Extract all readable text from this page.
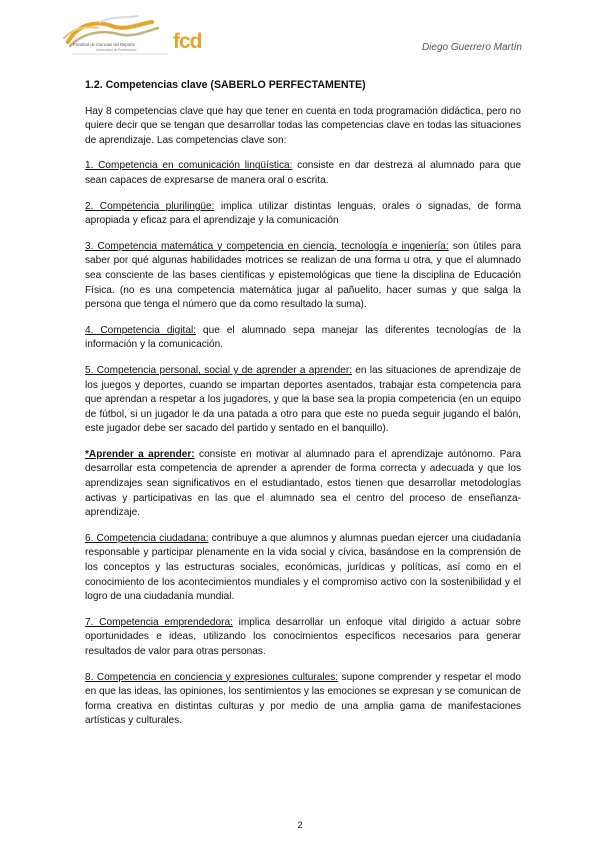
Facultad de Ciencias del Deporte
Universidad de Extremadura fcd	Diego Guerrero Martín
1.2. Competencias clave (SABERLO PERFECTAMENTE)
Hay 8 competencias clave que hay que tener en cuenta en toda programación didáctica, pero no quiere decir que se tengan que desarrollar todas las competencias clave en todas las situaciones de aprendizaje. Las competencias clave son:
1. Competencia en comunicación lingüística: consiste en dar destreza al alumnado para que sean capaces de expresarse de manera oral o escrita.
2. Competencia plurilingüe: implica utilizar distintas lenguas, orales o signadas, de forma apropiada y eficaz para el aprendizaje y la comunicación
3. Competencia matemática y competencia en ciencia, tecnología e ingeniería: son útiles para saber por qué algunas habilidades motrices se realizan de una forma u otra, y que el alumnado sea consciente de las bases científicas y epistemológicas que tiene la disciplina de Educación Física. (no es una competencia matemática jugar al pañuelito, hacer sumas y que salga la persona que tenga el número que da como resultado la suma).
4. Competencia digital: que el alumnado sepa manejar las diferentes tecnologías de la información y la comunicación.
5. Competencia personal, social y de aprender a aprender: en las situaciones de aprendizaje de los juegos y deportes, cuando se impartan deportes asentados, trabajar esta competencia para que aprendan a respetar a los jugadores, y que la base sea la propia competencia (en un equipo de fútbol, si un jugador le da una patada a otro para que este no pueda seguir jugando el balón, este jugador debe ser sacado del partido y sentado en el banquillo).
*Aprender a aprender: consiste en motivar al alumnado para el aprendizaje autónomo. Para desarrollar esta competencia de aprender a aprender de forma correcta y adecuada y que los aprendizajes sean significativos en el estudiantado, estos tienen que desarrollar metodologías activas y participativas en las que el alumnado sea el centro del proceso de enseñanza-aprendizaje.
6. Competencia ciudadana: contribuye a que alumnos y alumnas puedan ejercer una ciudadanía responsable y participar plenamente en la vida social y cívica, basándose en la comprensión de los conceptos y las estructuras sociales, económicas, jurídicas y políticas, así como en el conocimiento de los acontecimientos mundiales y el compromiso activo con la sostenibilidad y el logro de una ciudadanía mundial.
7. Competencia emprendedora: implica desarrollar un enfoque vital dirigido a actuar sobre oportunidades e ideas, utilizando los conocimientos específicos necesarios para generar resultados de valor para otras personas.
8. Competencia en conciencia y expresiones culturales: supone comprender y respetar el modo en que las ideas, las opiniones, los sentimientos y las emociones se expresan y se comunican de forma creativa en distintas culturas y por medio de una amplia gama de manifestaciones artísticas y culturales.
2
